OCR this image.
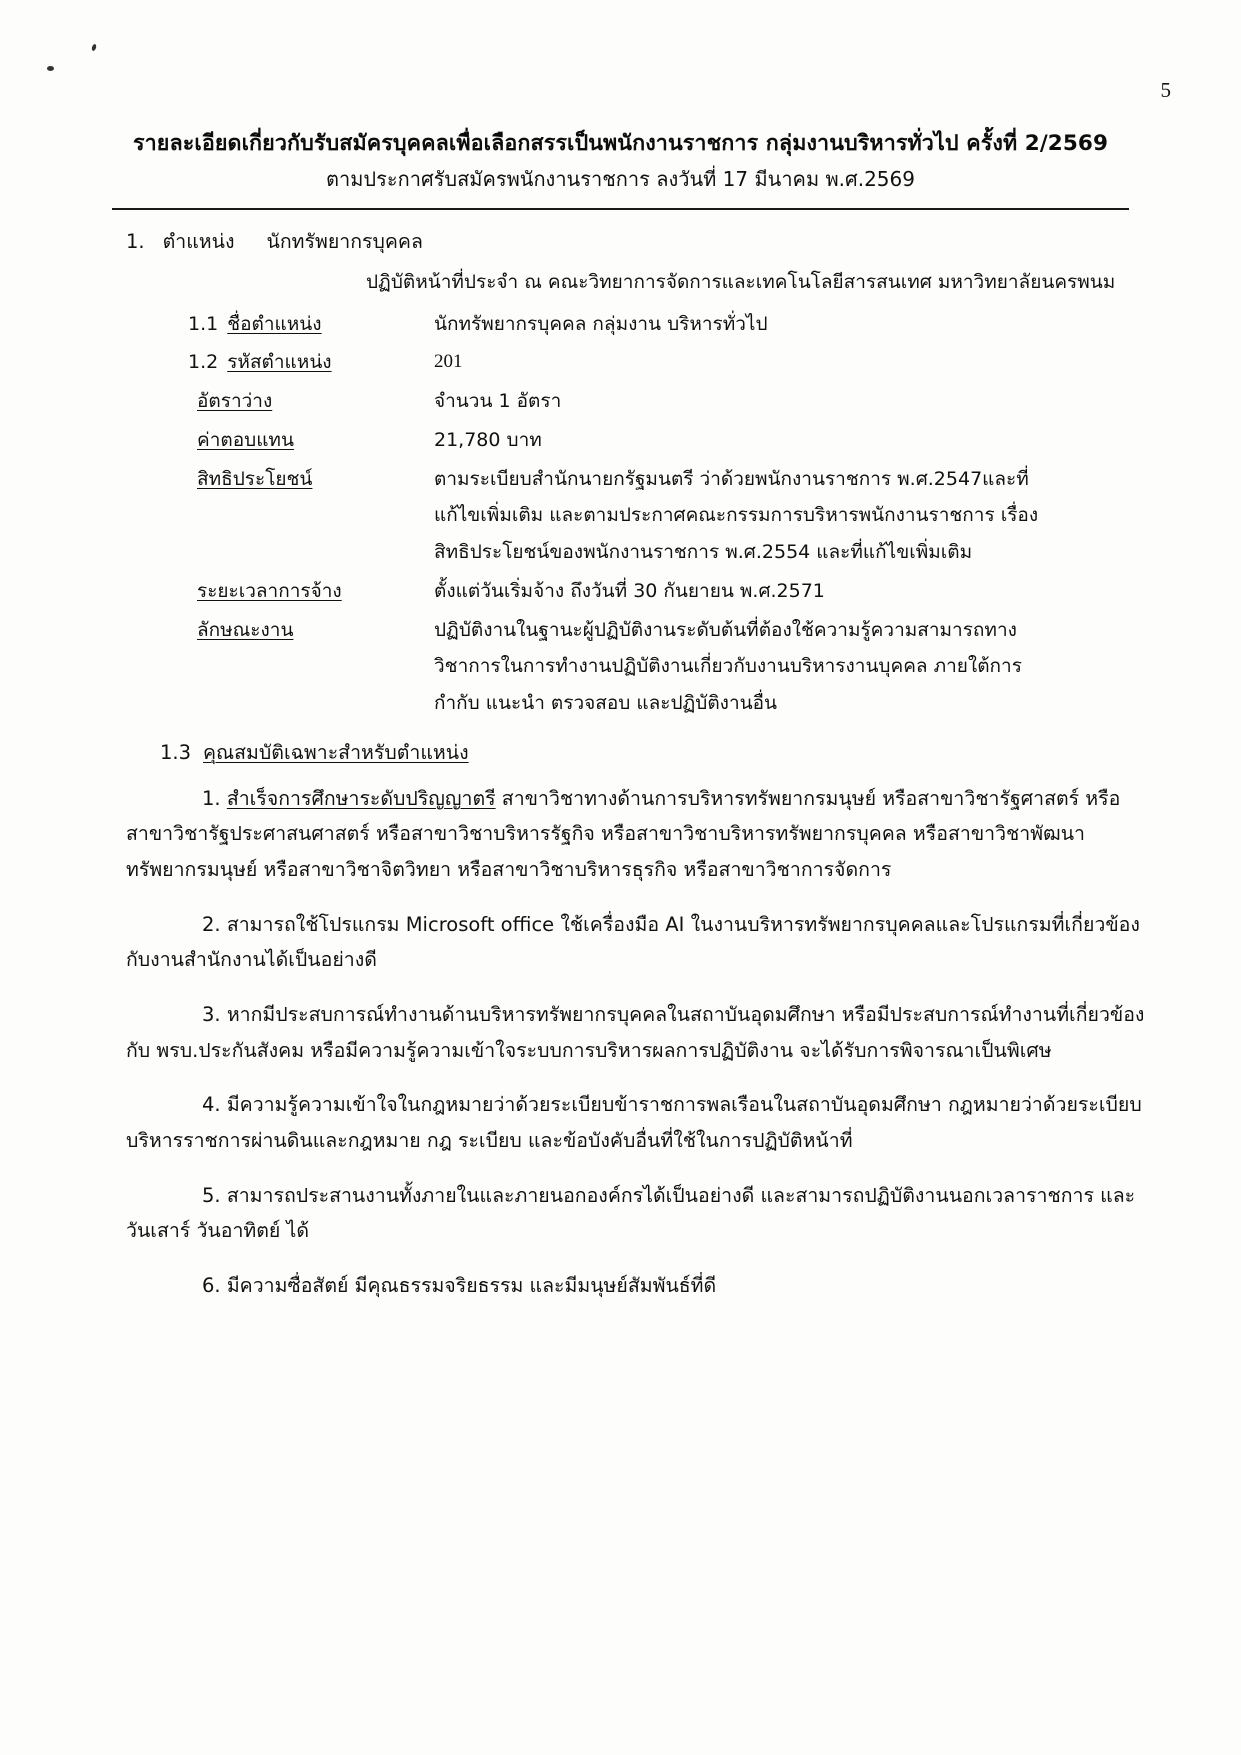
5
รายละเอียดเกี่ยวกับรับสมัครบุคคลเพื่อเลือกสรรเป็นพนักงานราชการ กลุ่มงานบริหารทั่วไป ครั้งที่ 2/2569
ตามประกาศรับสมัครพนักงานราชการ ลงวันที่ 17 มีนาคม พ.ศ.2569
1. ตำแหน่ง	นักทรัพยากรบุคคล
ปฏิบัติหน้าที่ประจำ ณ คณะวิทยาการจัดการและเทคโนโลยีสารสนเทศ มหาวิทยาลัยนครพนม
1.1 ชื่อตำแหน่ง	นักทรัพยากรบุคคล กลุ่มงาน บริหารทั่วไป
1.2 รหัสตำแหน่ง	201
อัตราว่าง	จำนวน 1 อัตรา
ค่าตอบแทน	21,780 บาท
สิทธิประโยชน์	ตามระเบียบสำนักนายกรัฐมนตรี ว่าด้วยพนักงานราชการ พ.ศ.2547และที่
แก้ไขเพิ่มเติม และตามประกาศคณะกรรมการบริหารพนักงานราชการ เรื่อง
สิทธิประโยชน์ของพนักงานราชการ พ.ศ.2554 และที่แก้ไขเพิ่มเติม
ระยะเวลาการจ้าง	ตั้งแต่วันเริ่มจ้าง ถึงวันที่ 30 กันยายน พ.ศ.2571
ลักษณะงาน	ปฏิบัติงานในฐานะผู้ปฏิบัติงานระดับต้นที่ต้องใช้ความรู้ความสามารถทาง
วิชาการในการทำงานปฏิบัติงานเกี่ยวกับงานบริหารงานบุคคล ภายใต้การ
กำกับ แนะนำ ตรวจสอบ และปฏิบัติงานอื่น
1.3 คุณสมบัติเฉพาะสำหรับตำแหน่ง

1. สำเร็จการศึกษาระดับปริญญาตรี สาขาวิชาทางด้านการบริหารทรัพยากรมนุษย์ หรือสาขาวิชารัฐศาสตร์ หรือสาขาวิชารัฐประศาสนศาสตร์ หรือสาขาวิชาบริหารรัฐกิจ หรือสาขาวิชาบริหารทรัพยากรบุคคล หรือสาขาวิชาพัฒนาทรัพยากรมนุษย์ หรือสาขาวิชาจิตวิทยา หรือสาขาวิชาบริหารธุรกิจ หรือสาขาวิชาการจัดการ

2. สามารถใช้โปรแกรม Microsoft office ใช้เครื่องมือ AI ในงานบริหารทรัพยากรบุคคลและโปรแกรมที่เกี่ยวข้องกับงานสำนักงานได้เป็นอย่างดี

3. หากมีประสบการณ์ทำงานด้านบริหารทรัพยากรบุคคลในสถาบันอุดมศึกษา หรือมีประสบการณ์ทำงานที่เกี่ยวข้องกับ พรบ.ประกันสังคม หรือมีความรู้ความเข้าใจระบบการบริหารผลการปฏิบัติงาน จะได้รับการพิจารณาเป็นพิเศษ

4. มีความรู้ความเข้าใจในกฎหมายว่าด้วยระเบียบข้าราชการพลเรือนในสถาบันอุดมศึกษา กฎหมายว่าด้วยระเบียบบริหารราชการผ่านดินและกฎหมาย กฎ ระเบียบ และข้อบังคับอื่นที่ใช้ในการปฏิบัติหน้าที่

5. สามารถประสานงานทั้งภายในและภายนอกองค์กรได้เป็นอย่างดี และสามารถปฏิบัติงานนอกเวลาราชการ และวันเสาร์ วันอาทิตย์ ได้

6. มีความซื่อสัตย์ มีคุณธรรมจริยธรรม และมีมนุษย์สัมพันธ์ที่ดี
